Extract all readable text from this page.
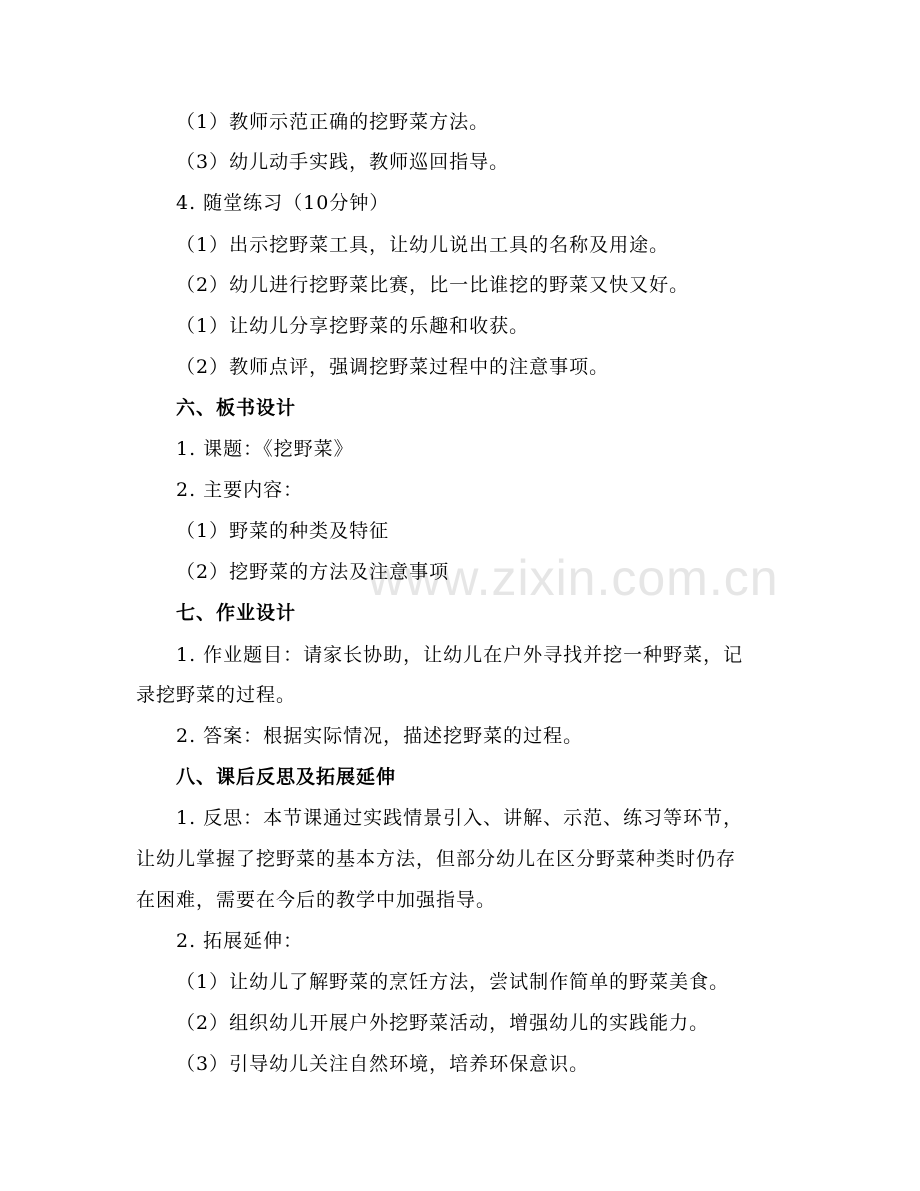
www.zixin.com.cn
（1）教师示范正确的挖野菜方法。
（3）幼儿动手实践，教师巡回指导。
4. 随堂练习（10分钟）
（1）出示挖野菜工具，让幼儿说出工具的名称及用途。
（2）幼儿进行挖野菜比赛，比一比谁挖的野菜又快又好。
（1）让幼儿分享挖野菜的乐趣和收获。
（2）教师点评，强调挖野菜过程中的注意事项。
六、板书设计
1. 课题：《挖野菜》
2. 主要内容：
（1）野菜的种类及特征
（2）挖野菜的方法及注意事项
七、作业设计
1. 作业题目：请家长协助，让幼儿在户外寻找并挖一种野菜，记
录挖野菜的过程。
2. 答案：根据实际情况，描述挖野菜的过程。
八、课后反思及拓展延伸
1. 反思：本节课通过实践情景引入、讲解、示范、练习等环节，
让幼儿掌握了挖野菜的基本方法，但部分幼儿在区分野菜种类时仍存
在困难，需要在今后的教学中加强指导。
2. 拓展延伸：
（1）让幼儿了解野菜的烹饪方法，尝试制作简单的野菜美食。
（2）组织幼儿开展户外挖野菜活动，增强幼儿的实践能力。
（3）引导幼儿关注自然环境，培养环保意识。
